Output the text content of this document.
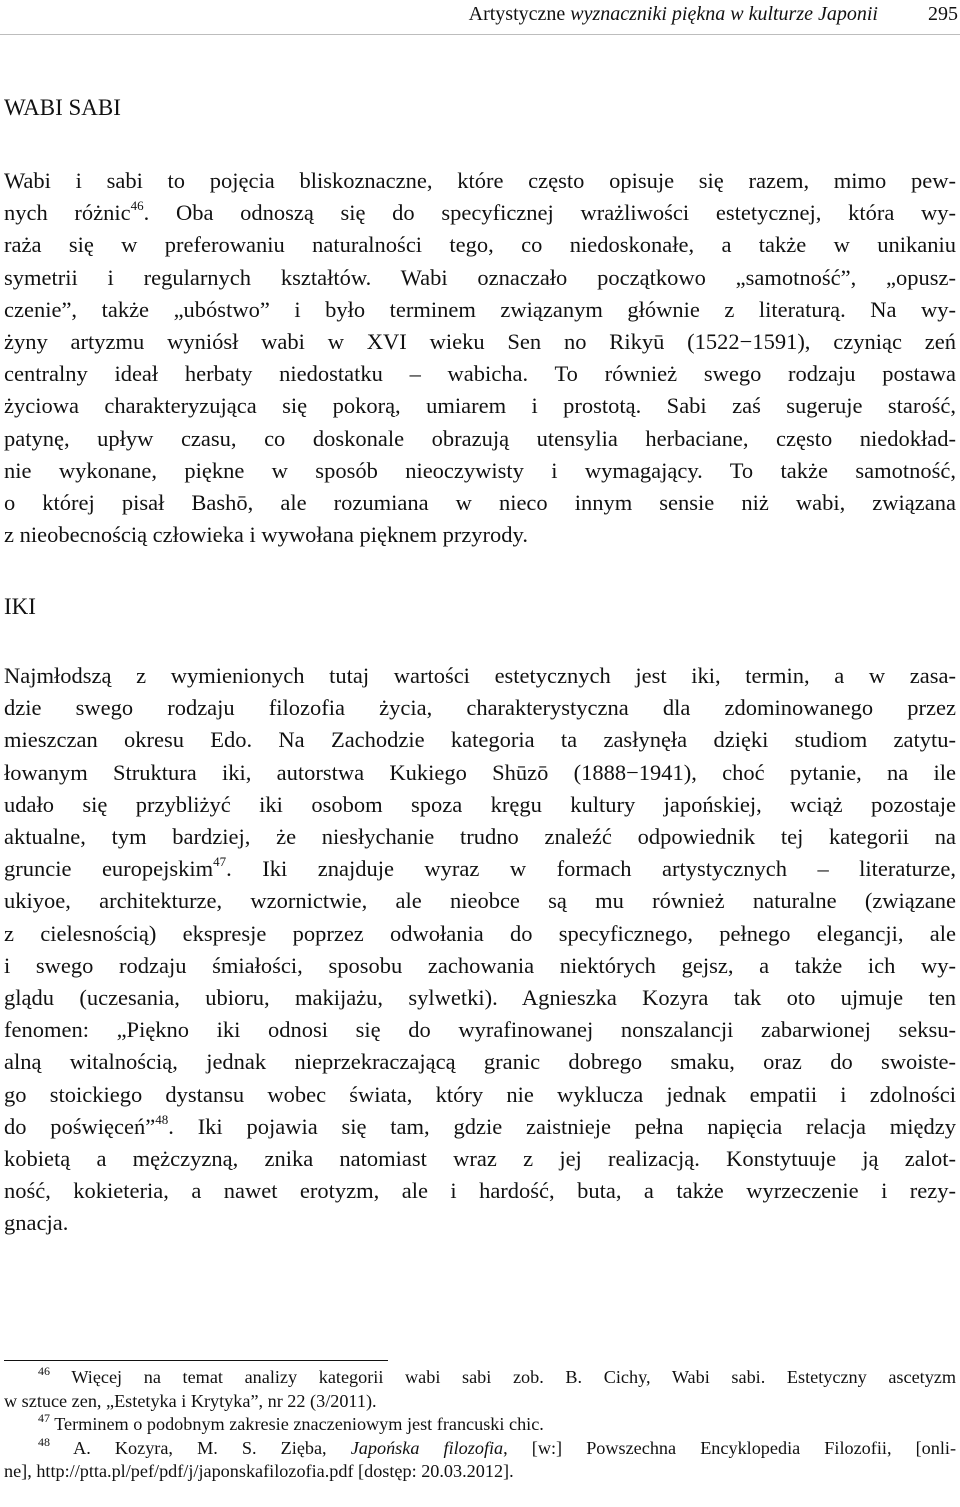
Artystyczne wyznaczniki piękna w kulturze Japonii	295
WABI SABI
Wabi i sabi to pojęcia bliskoznaczne, które często opisuje się razem, mimo pew-
nych różnic$^{46}$. Oba odnoszą się do specyficznej wrażliwości estetycznej, która wy-
raża się w preferowaniu naturalności tego, co niedoskonałe, a także w unikaniu
symetrii i regularnych kształtów. Wabi oznaczało początkowo „samotność”, „opusz-
czenie”, także „ubóstwo” i było terminem związanym głównie z literaturą. Na wy-
żyny artyzmu wyniósł wabi w XVI wieku Sen no Rikyū (1522−1591), czyniąc zeń
centralny ideał herbaty niedostatku – wabicha. To również swego rodzaju postawa
życiowa charakteryzująca się pokorą, umiarem i prostotą. Sabi zaś sugeruje starość,
patynę, upływ czasu, co doskonale obrazują utensylia herbaciane, często niedokład-
nie wykonane, piękne w sposób nieoczywisty i wymagający. To także samotność,
o której pisał Bashō, ale rozumiana w nieco innym sensie niż wabi, związana
z nieobecnością człowieka i wywołana pięknem przyrody.
IKI
Najmłodszą z wymienionych tutaj wartości estetycznych jest iki, termin, a w zasa-
dzie swego rodzaju filozofia życia, charakterystyczna dla zdominowanego przez
mieszczan okresu Edo. Na Zachodzie kategoria ta zasłynęła dzięki studiom zatytu-
łowanym Struktura iki, autorstwa Kukiego Shūzō (1888−1941), choć pytanie, na ile
udało się przybliżyć iki osobom spoza kręgu kultury japońskiej, wciąż pozostaje
aktualne, tym bardziej, że niesłychanie trudno znaleźć odpowiednik tej kategorii na
gruncie europejskim$^{47}$. Iki znajduje wyraz w formach artystycznych – literaturze,
ukiyoe, architekturze, wzornictwie, ale nieobce są mu również naturalne (związane
z cielesnością) ekspresje poprzez odwołania do specyficznego, pełnego elegancji, ale
i swego rodzaju śmiałości, sposobu zachowania niektórych gejsz, a także ich wy-
glądu (uczesania, ubioru, makijażu, sylwetki). Agnieszka Kozyra tak oto ujmuje ten
fenomen: „Piękno iki odnosi się do wyrafinowanej nonszalancji zabarwionej seksu-
alną witalnością, jednak nieprzekraczającą granic dobrego smaku, oraz do swoiste-
go stoickiego dystansu wobec świata, który nie wyklucza jednak empatii i zdolności
do poświęceń”$^{48}$. Iki pojawia się tam, gdzie zaistnieje pełna napięcia relacja między
kobietą a mężczyzną, znika natomiast wraz z jej realizacją. Konstytuuje ją zalot-
ność, kokieteria, a nawet erotyzm, ale i hardość, buta, a także wyrzeczenie i rezy-
gnacja.
$^{46}$ Więcej na temat analizy kategorii wabi sabi zob. B. Cichy, Wabi sabi. Estetyczny ascetyzm
w sztuce zen, „Estetyka i Krytyka”, nr 22 (3/2011).
$^{47}$ Terminem o podobnym zakresie znaczeniowym jest francuski chic.
$^{48}$ A. Kozyra, M. S. Zięba, Japońska filozofia, [w:] Powszechna Encyklopedia Filozofii, [onli-
ne], http://ptta.pl/pef/pdf/j/japonskafilozofia.pdf [dostęp: 20.03.2012].
